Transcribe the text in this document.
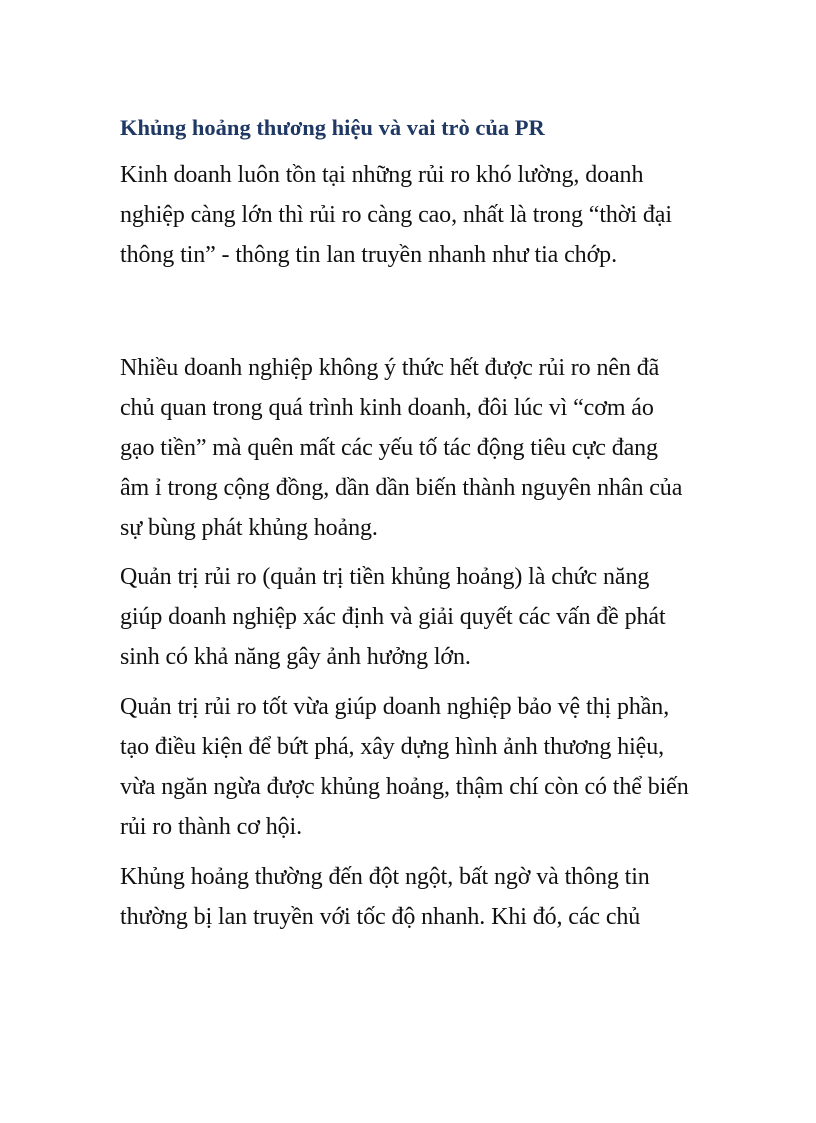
Khủng hoảng thương hiệu và vai trò của PR

Kinh doanh luôn tồn tại những rủi ro khó lường, doanh
nghiệp càng lớn thì rủi ro càng cao, nhất là trong “thời đại
thông tin” - thông tin lan truyền nhanh như tia chớp.

Nhiều doanh nghiệp không ý thức hết được rủi ro nên đã
chủ quan trong quá trình kinh doanh, đôi lúc vì “cơm áo
gạo tiền” mà quên mất các yếu tố tác động tiêu cực đang
âm ỉ trong cộng đồng, dần dần biến thành nguyên nhân của
sự bùng phát khủng hoảng.

Quản trị rủi ro (quản trị tiền khủng hoảng) là chức năng
giúp doanh nghiệp xác định và giải quyết các vấn đề phát
sinh có khả năng gây ảnh hưởng lớn.

Quản trị rủi ro tốt vừa giúp doanh nghiệp bảo vệ thị phần,
tạo điều kiện để bứt phá, xây dựng hình ảnh thương hiệu,
vừa ngăn ngừa được khủng hoảng, thậm chí còn có thể biến
rủi ro thành cơ hội.

Khủng hoảng thường đến đột ngột, bất ngờ và thông tin
thường bị lan truyền với tốc độ nhanh. Khi đó, các chủ
